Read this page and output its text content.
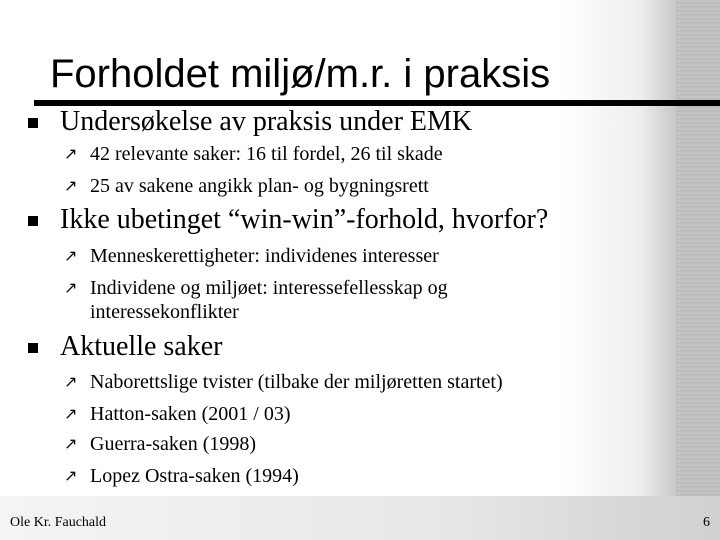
Forholdet miljø/m.r. i praksis
Undersøkelse av praksis under EMK
↗ 42 relevante saker: 16 til fordel, 26 til skade
↗ 25 av sakene angikk plan- og bygningsrett
Ikke ubetinget “win-win”-forhold, hvorfor?
↗ Menneskerettigheter: individenes interesser
↗ Individene og miljøet: interessefellesskap og
interessekonflikter
Aktuelle saker
↗ Naborettslige tvister (tilbake der miljøretten startet)
↗ Hatton-saken (2001 / 03)
↗ Guerra-saken (1998)
↗ Lopez Ostra-saken (1994)
Ole Kr. Fauchald	6
